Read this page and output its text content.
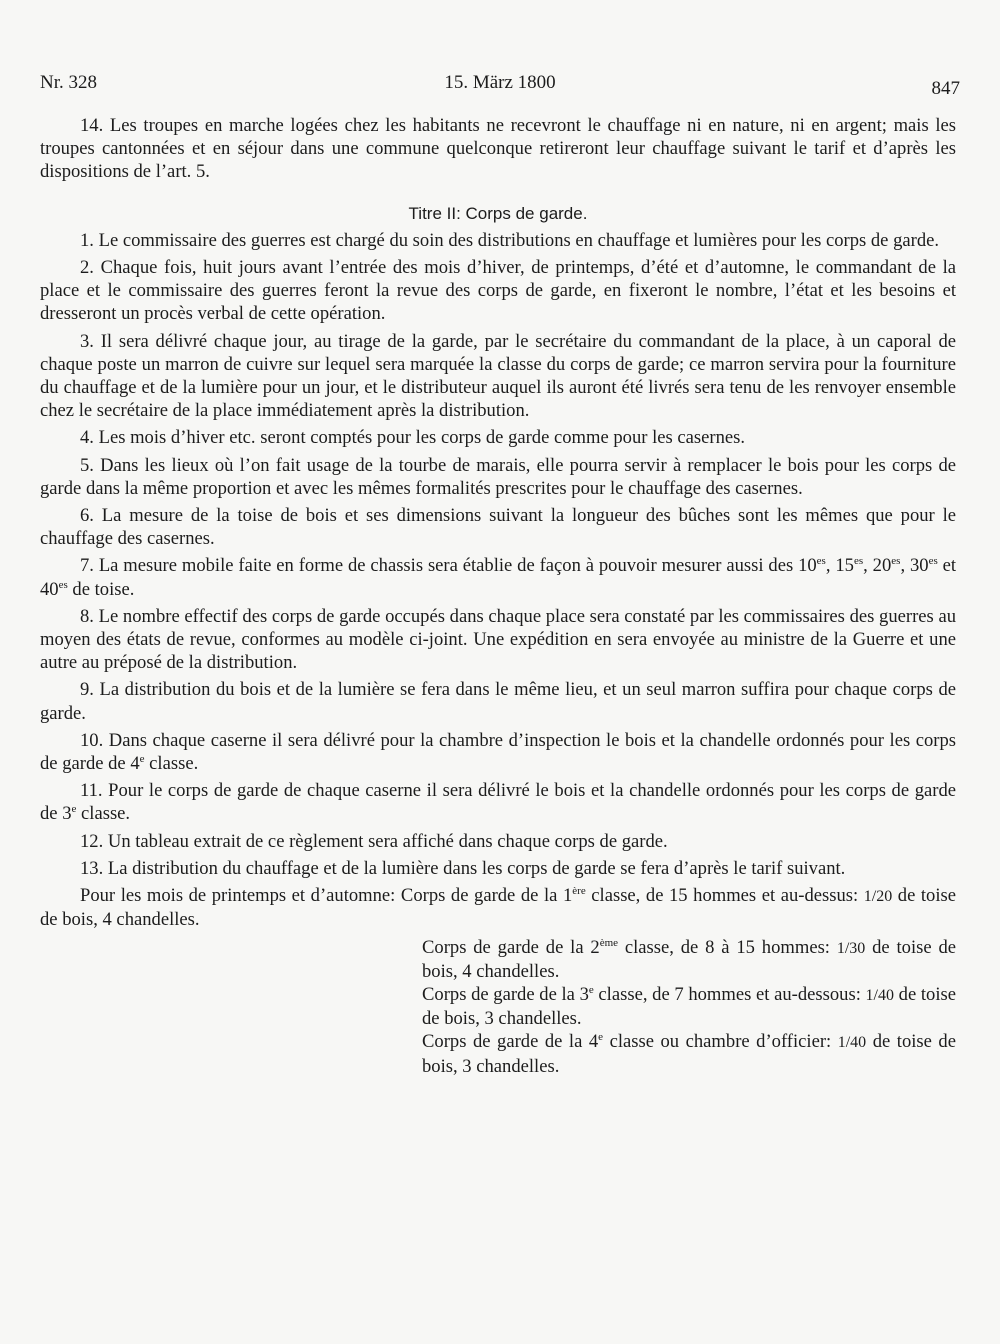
Nr. 328	15. März 1800	847

14. Les troupes en marche logées chez les habitants ne recevront le chauffage ni en nature, ni en argent; mais les troupes cantonnées et en séjour dans une commune quelconque retireront leur chauffage suivant le tarif et d’après les dispositions de l’art. 5.

Titre II: Corps de garde.

1. Le commissaire des guerres est chargé du soin des distributions en chauffage et lumières pour les corps de garde.

2. Chaque fois, huit jours avant l’entrée des mois d’hiver, de printemps, d’été et d’automne, le commandant de la place et le commissaire des guerres feront la revue des corps de garde, en fixeront le nombre, l’état et les besoins et dresseront un procès verbal de cette opération.

3. Il sera délivré chaque jour, au tirage de la garde, par le secrétaire du commandant de la place, à un caporal de chaque poste un marron de cuivre sur lequel sera marquée la classe du corps de garde; ce marron servira pour la fourniture du chauffage et de la lumière pour un jour, et le distributeur auquel ils auront été livrés sera tenu de les renvoyer ensemble chez le secrétaire de la place immédiatement après la distribution.

4. Les mois d’hiver etc. seront comptés pour les corps de garde comme pour les casernes.

5. Dans les lieux où l’on fait usage de la tourbe de marais, elle pourra servir à remplacer le bois pour les corps de garde dans la même proportion et avec les mêmes formalités prescrites pour le chauffage des casernes.

6. La mesure de la toise de bois et ses dimensions suivant la longueur des bûches sont les mêmes que pour le chauffage des casernes.

7. La mesure mobile faite en forme de chassis sera établie de façon à pouvoir mesurer aussi des $10^{es}$, $15^{es}$, $20^{es}$, $30^{es}$ et $40^{es}$ de toise.

8. Le nombre effectif des corps de garde occupés dans chaque place sera constaté par les commissaires des guerres au moyen des états de revue, conformes au modèle ci-joint. Une expédition en sera envoyée au ministre de la Guerre et une autre au préposé de la distribution.

9. La distribution du bois et de la lumière se fera dans le même lieu, et un seul marron suffira pour chaque corps de garde.

10. Dans chaque caserne il sera délivré pour la chambre d’inspection le bois et la chandelle ordonnés pour les corps de garde de 4e classe.

11. Pour le corps de garde de chaque caserne il sera délivré le bois et la chandelle ordonnés pour les corps de garde de 3e classe.

12. Un tableau extrait de ce règlement sera affiché dans chaque corps de garde.

13. La distribution du chauffage et de la lumière dans les corps de garde se fera d’après le tarif suivant.

Pour les mois de printemps et d’automne: Corps de garde de la 1ère classe, de 15 hommes et au-dessus: 1/20 de toise de bois, 4 chandelles.

Corps de garde de la 2ème classe, de 8 à 15 hommes: 1/30 de toise de bois, 4 chandelles.
Corps de garde de la 3e classe, de 7 hommes et au-dessous: 1/40 de toise de bois, 3 chandelles.
Corps de garde de la 4e classe ou chambre d’officier: 1/40 de toise de bois, 3 chandelles.
